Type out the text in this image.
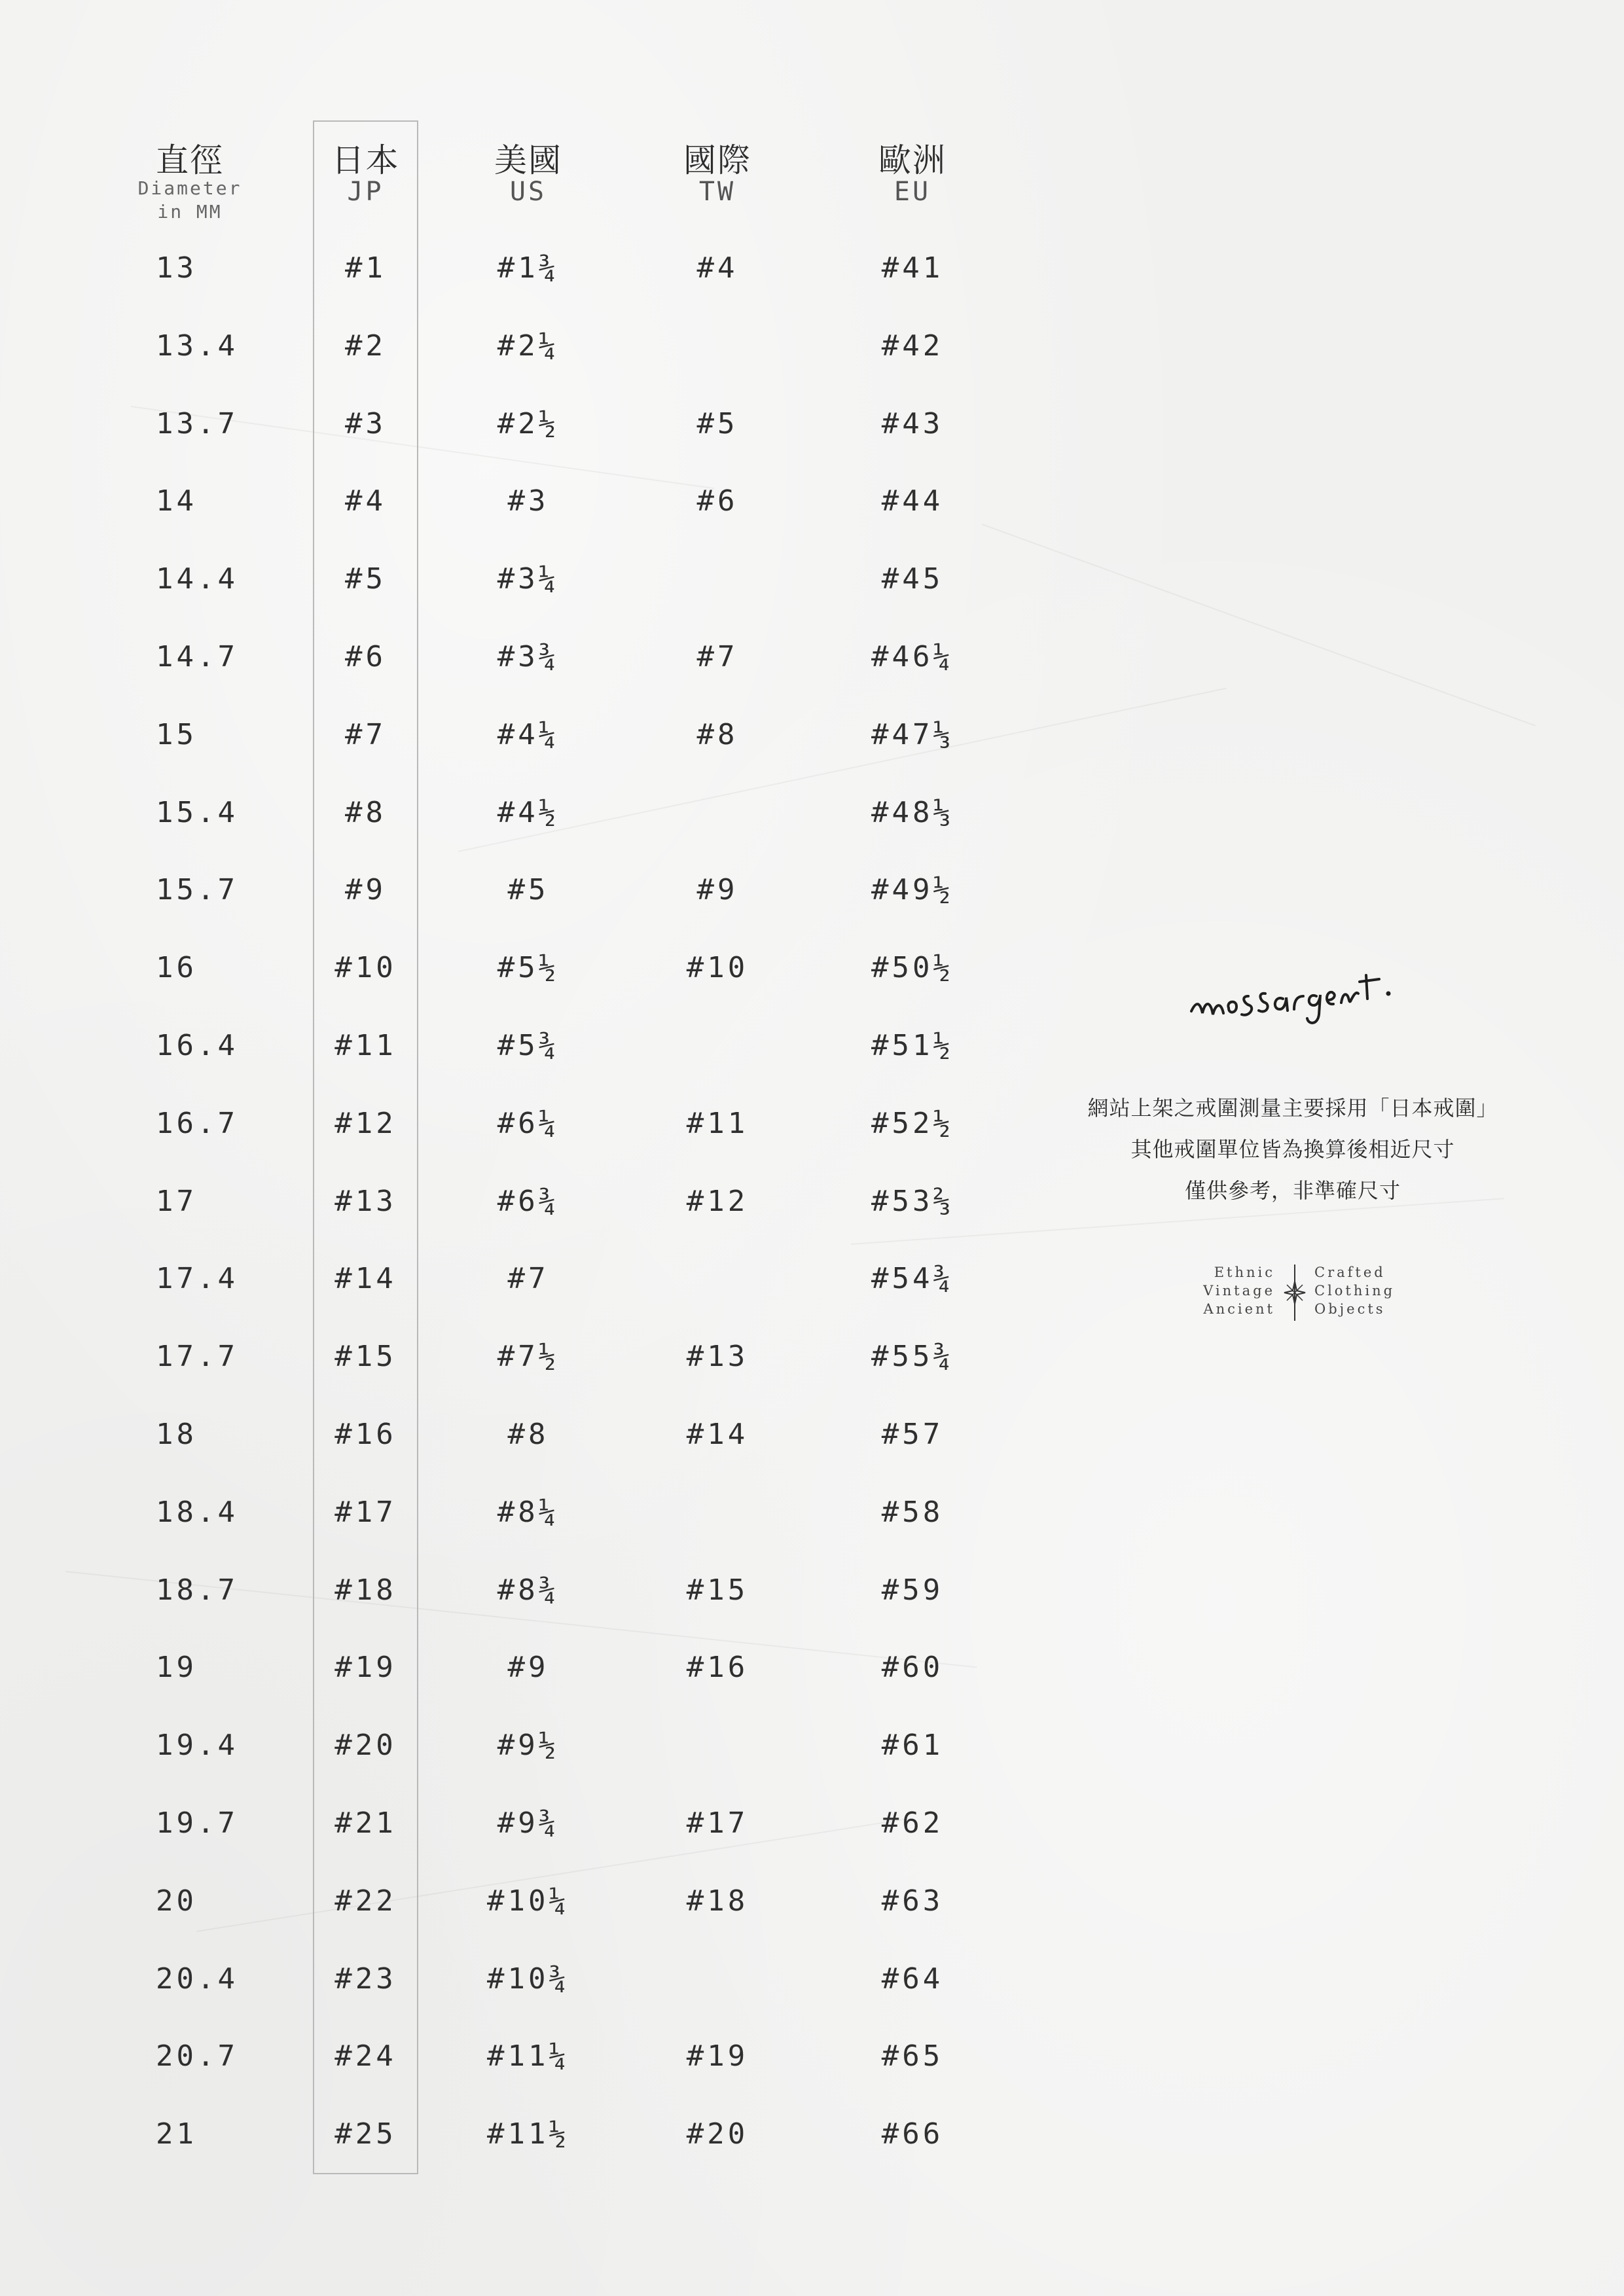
直徑
Diameter
in MM
13
13.4
13.7
14
14.4
14.7
15
15.4
15.7
16
16.4
16.7
17
17.4
17.7
18
18.4
18.7
19
19.4
19.7
20
20.4
20.7
21
日本
JP
#1
#2
#3
#4
#5
#6
#7
#8
#9
#10
#11
#12
#13
#14
#15
#16
#17
#18
#19
#20
#21
#22
#23
#24
#25
美國
US
#1¾
#2¼
#2½
#3
#3¼
#3¾
#4¼
#4½
#5
#5½
#5¾
#6¼
#6¾
#7
#7½
#8
#8¼
#8¾
#9
#9½
#9¾
#10¼
#10¾
#11¼
#11½
國際
TW
#4
#5
#6
#7
#8
#9
#10
#11
#12
#13
#14
#15
#16
#17
#18
#19
#20
歐洲
EU
#41
#42
#43
#44
#45
#46¼
#47⅓
#48⅓
#49½
#50½
#51½
#52½
#53⅔
#54¾
#55¾
#57
#58
#59
#60
#61
#62
#63
#64
#65
#66
網站上架之戒圍測量主要採用「日本戒圍」
其他戒圍單位皆為換算後相近尺寸
僅供參考，非準確尺寸
Ethnic
Vintage
Ancient
Crafted
Clothing
Objects
